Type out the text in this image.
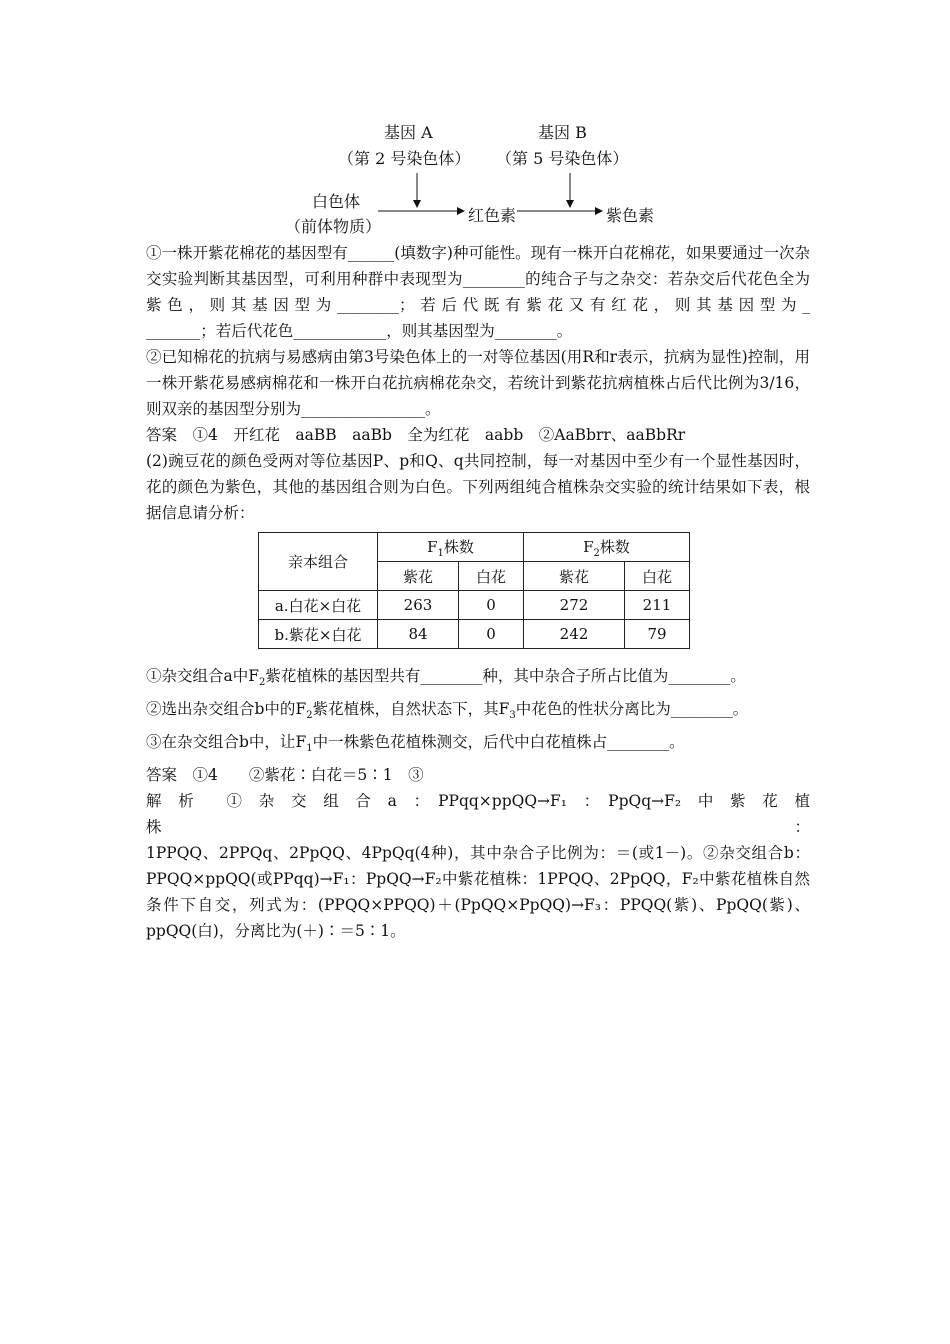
基因 A
（第 2 号染色体）
基因 B
（第 5 号染色体）
白色体
（前体物质）
红色素	紫色素

①一株开紫花棉花的基因型有______(填数字)种可能性。现有一株开白花棉花，如果要通过一次杂交实验判断其基因型，可利用种群中表现型为________的纯合子与之杂交：若杂交后代花色全为紫色，则其基因型为________；若后代既有紫花又有红花，则其基因型为_

_______；若后代花色____________，则其基因型为________。

②已知棉花的抗病与易感病由第3号染色体上的一对等位基因(用R和r表示，抗病为显性)控制，用一株开紫花易感病棉花和一株开白花抗病棉花杂交，若统计到紫花抗病植株占后代比例为3/16，则双亲的基因型分别为________________。

答案　①4　开红花　aaBB　aaBb　全为红花　aabb　②AaBbrr、aaBbRr

(2)豌豆花的颜色受两对等位基因P、p和Q、q共同控制，每一对基因中至少有一个显性基因时，花的颜色为紫色，其他的基因组合则为白色。下列两组纯合植株杂交实验的统计结果如下表，根据信息请分析：

亲本组合	$F_1$株数		$F_2$株数	
	紫花	白花	紫花	白花
a.白花×白花	263	0	272	211
b.紫花×白花	84	0	242	79

①杂交组合a中$F_2$紫花植株的基因型共有________种，其中杂合子所占比值为________。

②选出杂交组合b中的$F_2$紫花植株，自然状态下，其$F_3$中花色的性状分离比为________。

③在杂交组合b中，让$F_1$中一株紫色花植株测交，后代中白花植株占________。

答案　①4　　②紫花∶白花＝5∶1　③

解　析　　①　杂　交　组　合　a　：　PPqq×ppQQ→F₁　：　PpQq→F₂　中　紫　花　植　株　：

1PPQQ、2PPQq、2PpQQ、4PpQq(4种)，其中杂合子比例为：＝(或1－)。②杂交组合b：PPQQ×ppQQ(或PPqq)→F₁：PpQQ→F₂中紫花植株：1PPQQ、2PpQQ，F₂中紫花植株自然条件下自交，列式为：(PPQQ×PPQQ)＋(PpQQ×PpQQ)→F₃：PPQQ(紫)、PpQQ(紫)、ppQQ(白)，分离比为(＋)∶＝5∶1。
